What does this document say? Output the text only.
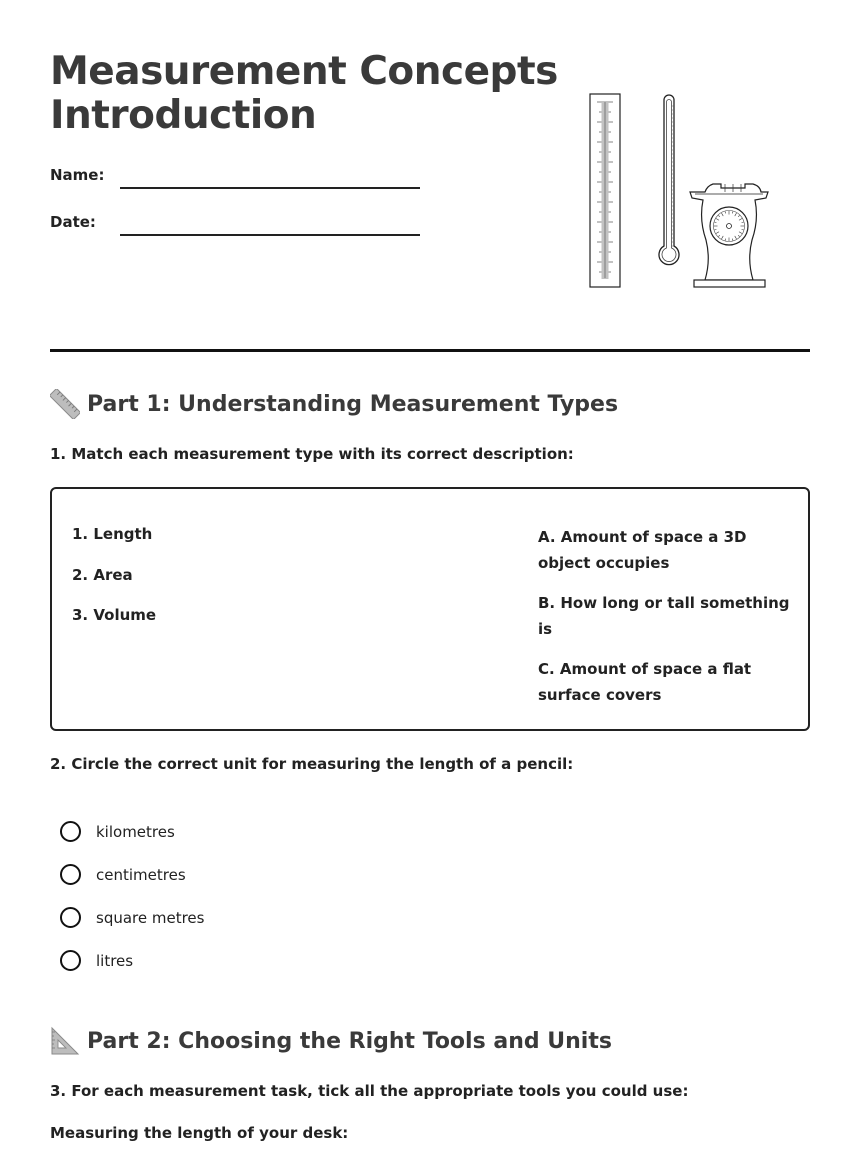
Measurement Concepts
Introduction
Name:
Date:
Part 1: Understanding Measurement Types
1. Match each measurement type with its correct description:
1. Length
2. Area
3. Volume
A. Amount of space a 3D object occupies
B. How long or tall something is
C. Amount of space a flat surface covers
2. Circle the correct unit for measuring the length of a pencil:
kilometres
centimetres
square metres
litres
Part 2: Choosing the Right Tools and Units
3. For each measurement task, tick all the appropriate tools you could use:
Measuring the length of your desk:
